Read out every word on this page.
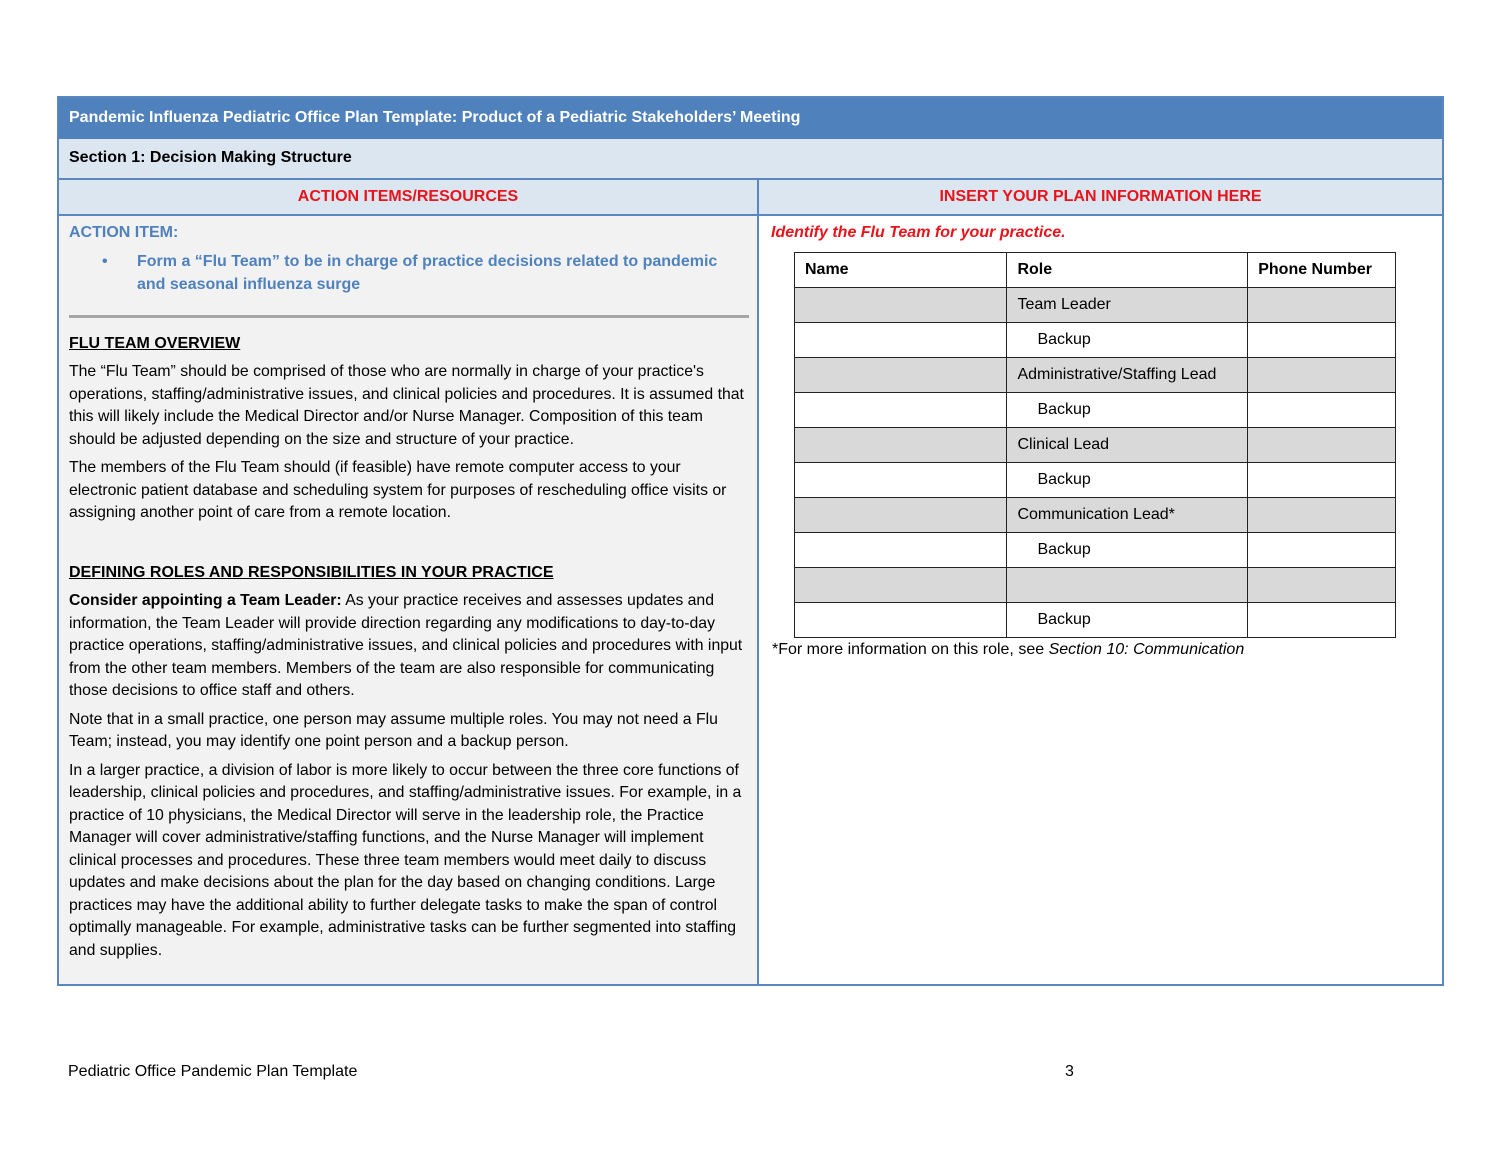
Pandemic Influenza Pediatric Office Plan Template: Product of a Pediatric Stakeholders’ Meeting
Section 1: Decision Making Structure
ACTION ITEMS/RESOURCES	INSERT YOUR PLAN INFORMATION HERE
ACTION ITEM:
• Form a “Flu Team” to be in charge of practice decisions related to pandemic and seasonal influenza surge
FLU TEAM OVERVIEW

The “Flu Team” should be comprised of those who are normally in charge of your practice's operations, staffing/administrative issues, and clinical policies and procedures. It is assumed that this will likely include the Medical Director and/or Nurse Manager. Composition of this team should be adjusted depending on the size and structure of your practice.

The members of the Flu Team should (if feasible) have remote computer access to your electronic patient database and scheduling system for purposes of rescheduling office visits or assigning another point of care from a remote location.

DEFINING ROLES AND RESPONSIBILITIES IN YOUR PRACTICE

Consider appointing a Team Leader: As your practice receives and assesses updates and information, the Team Leader will provide direction regarding any modifications to day-to-day practice operations, staffing/administrative issues, and clinical policies and procedures with input from the other team members. Members of the team are also responsible for communicating those decisions to office staff and others.

Note that in a small practice, one person may assume multiple roles. You may not need a Flu Team; instead, you may identify one point person and a backup person.

In a larger practice, a division of labor is more likely to occur between the three core functions of leadership, clinical policies and procedures, and staffing/administrative issues. For example, in a practice of 10 physicians, the Medical Director will serve in the leadership role, the Practice Manager will cover administrative/staffing functions, and the Nurse Manager will implement clinical processes and procedures. These three team members would meet daily to discuss updates and make decisions about the plan for the day based on changing conditions. Large practices may have the additional ability to further delegate tasks to make the span of control optimally manageable. For example, administrative tasks can be further segmented into staffing and supplies.

Identify the Flu Team for your practice.
Name	Role	Phone Number
	Team Leader	
	Backup	
	Administrative/Staffing Lead	
	Backup	
	Clinical Lead	
	Backup	
	Communication Lead*	
	Backup	

	Backup	
*For more information on this role, see Section 10: Communication
Pediatric Office Pandemic Plan Template	3
